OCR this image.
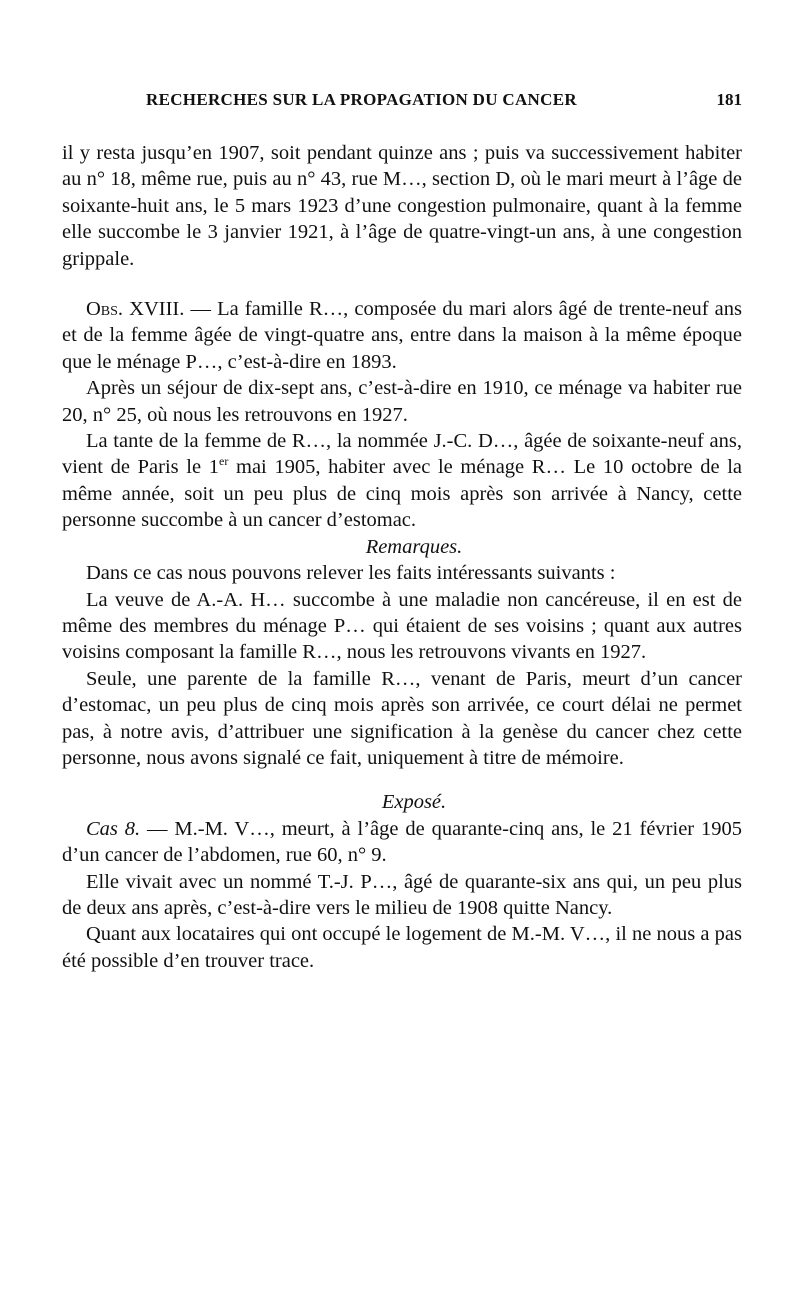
RECHERCHES SUR LA PROPAGATION DU CANCER	181

il y resta jusqu’en 1907, soit pendant quinze ans ; puis va successivement habiter au n° 18, même rue, puis au n° 43, rue M…, section D, où le mari meurt à l’âge de soixante-huit ans, le 5 mars 1923 d’une congestion pulmonaire, quant à la femme elle succombe le 3 janvier 1921, à l’âge de quatre-vingt-un ans, à une congestion grippale.

Obs. XVIII. — La famille R…, composée du mari alors âgé de trente-neuf ans et de la femme âgée de vingt-quatre ans, entre dans la maison à la même époque que le ménage P…, c’est-à-dire en 1893.

Après un séjour de dix-sept ans, c’est-à-dire en 1910, ce ménage va habiter rue 20, n° 25, où nous les retrouvons en 1927.

La tante de la femme de R…, la nommée J.-C. D…, âgée de soixante-neuf ans, vient de Paris le 1er mai 1905, habiter avec le ménage R… Le 10 octobre de la même année, soit un peu plus de cinq mois après son arrivée à Nancy, cette personne succombe à un cancer d’estomac.

Remarques.

Dans ce cas nous pouvons relever les faits intéressants suivants :

La veuve de A.-A. H… succombe à une maladie non cancéreuse, il en est de même des membres du ménage P… qui étaient de ses voisins ; quant aux autres voisins composant la famille R…, nous les retrouvons vivants en 1927.

Seule, une parente de la famille R…, venant de Paris, meurt d’un cancer d’estomac, un peu plus de cinq mois après son arrivée, ce court délai ne permet pas, à notre avis, d’attribuer une signification à la genèse du cancer chez cette personne, nous avons signalé ce fait, uniquement à titre de mémoire.

Exposé.

Cas 8. — M.-M. V…, meurt, à l’âge de quarante-cinq ans, le 21 février 1905 d’un cancer de l’abdomen, rue 60, n° 9.

Elle vivait avec un nommé T.-J. P…, âgé de quarante-six ans qui, un peu plus de deux ans après, c’est-à-dire vers le milieu de 1908 quitte Nancy.

Quant aux locataires qui ont occupé le logement de M.-M. V…, il ne nous a pas été possible d’en trouver trace.
